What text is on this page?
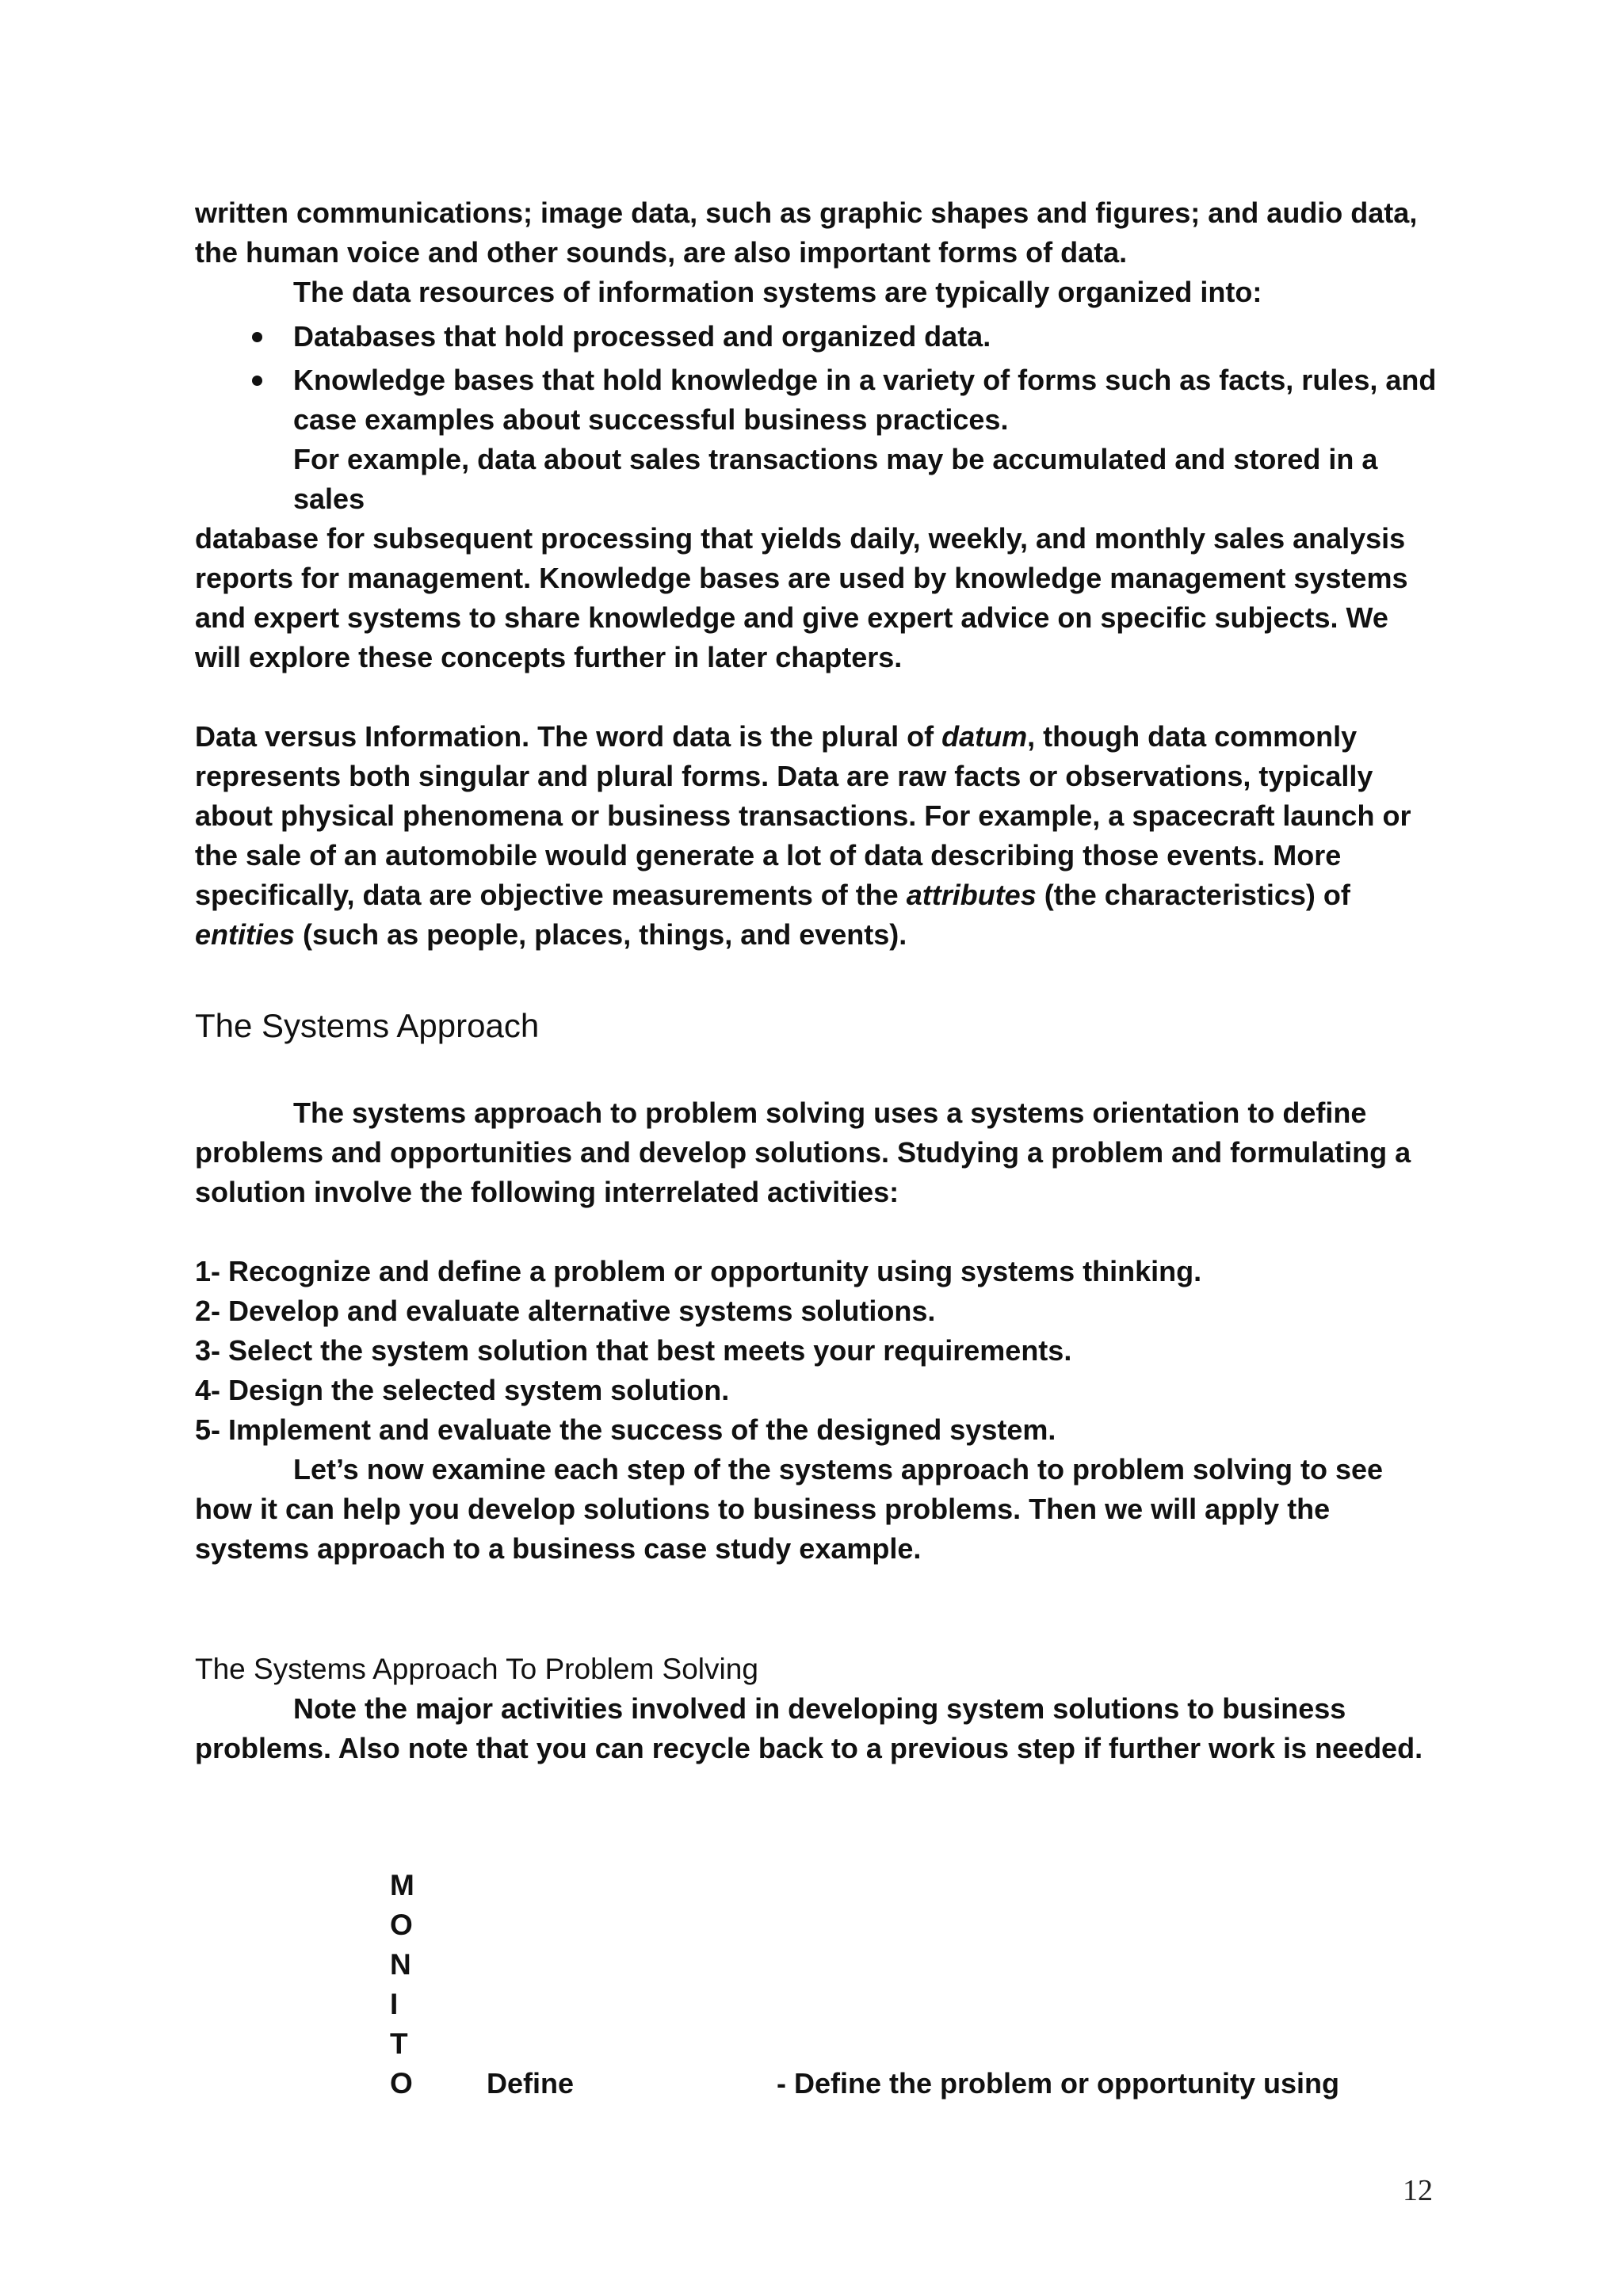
written communications; image data, such as graphic shapes and figures; and audio data,
the human voice and other sounds, are also important forms of data.
The data resources of information systems are typically organized into:
Databases that hold processed and organized data.
Knowledge bases that hold knowledge in a variety of forms such as facts, rules, and
case examples about successful business practices.
For example, data about sales transactions may be accumulated and stored in a
sales
database for subsequent processing that yields daily, weekly, and monthly sales analysis
reports for management. Knowledge bases are used by knowledge management systems
and expert systems to share knowledge and give expert advice on specific subjects. We
will explore these concepts further in later chapters.
Data versus Information. The word data is the plural of datum, though data commonly
represents both singular and plural forms. Data are raw facts or observations, typically
about physical phenomena or business transactions. For example, a spacecraft launch or
the sale of an automobile would generate a lot of data describing those events. More
specifically, data are objective measurements of the attributes (the characteristics) of
entities (such as people, places, things, and events).
The Systems Approach
The systems approach to problem solving uses a systems orientation to define
problems and opportunities and develop solutions. Studying a problem and formulating a
solution involve the following interrelated activities:
1- Recognize and define a problem or opportunity using systems thinking.
2- Develop and evaluate alternative systems solutions.
3- Select the system solution that best meets your requirements.
4- Design the selected system solution.
5- Implement and evaluate the success of the designed system.
Let’s now examine each step of the systems approach to problem solving to see
how it can help you develop solutions to business problems. Then we will apply the
systems approach to a business case study example.
The Systems Approach To Problem Solving
Note the major activities involved in developing system solutions to business
problems. Also note that you can recycle back to a previous step if further work is needed.
M
O
N
I
T
O	Define	- Define the problem or opportunity using
12
